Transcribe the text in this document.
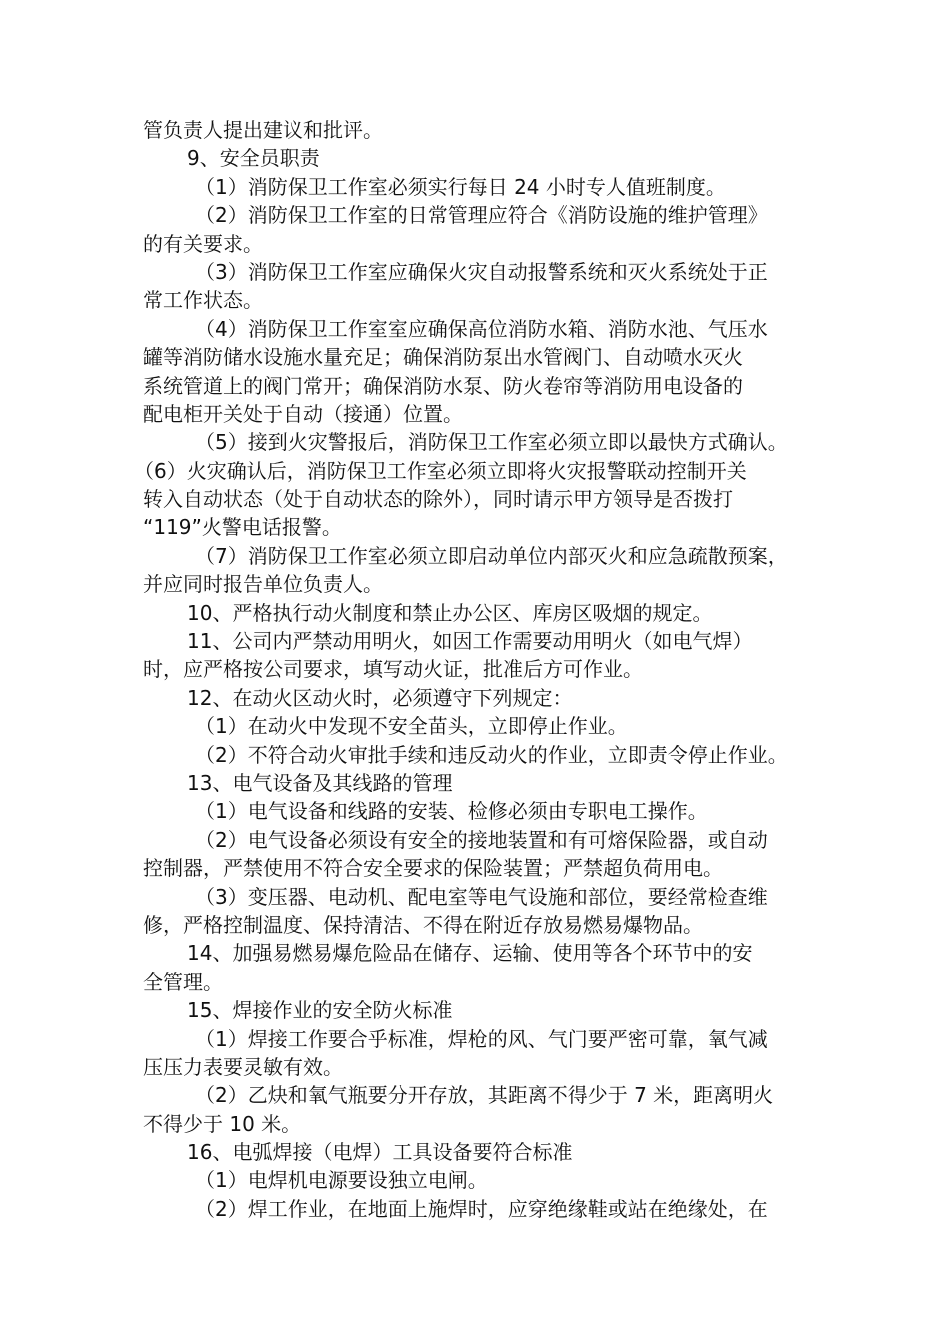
管负责人提出建议和批评。
9、安全员职责
（1）消防保卫工作室必须实行每日 24 小时专人值班制度。
（2）消防保卫工作室的日常管理应符合《消防设施的维护管理》
的有关要求。
（3）消防保卫工作室应确保火灾自动报警系统和灭火系统处于正
常工作状态。
（4）消防保卫工作室室应确保高位消防水箱、消防水池、气压水
罐等消防储水设施水量充足；确保消防泵出水管阀门、自动喷水灭火
系统管道上的阀门常开；确保消防水泵、防火卷帘等消防用电设备的
配电柜开关处于自动（接通）位置。
（5）接到火灾警报后，消防保卫工作室必须立即以最快方式确认。
（6）火灾确认后，消防保卫工作室必须立即将火灾报警联动控制开关
转入自动状态（处于自动状态的除外），同时请示甲方领导是否拨打
“119”火警电话报警。
（7）消防保卫工作室必须立即启动单位内部灭火和应急疏散预案，
并应同时报告单位负责人。
10、严格执行动火制度和禁止办公区、库房区吸烟的规定。
11、公司内严禁动用明火，如因工作需要动用明火（如电气焊）
时，应严格按公司要求，填写动火证，批准后方可作业。
12、在动火区动火时，必须遵守下列规定：
（1）在动火中发现不安全苗头，立即停止作业。
（2）不符合动火审批手续和违反动火的作业，立即责令停止作业。
13、电气设备及其线路的管理
（1）电气设备和线路的安装、检修必须由专职电工操作。
（2）电气设备必须设有安全的接地装置和有可熔保险器，或自动
控制器，严禁使用不符合安全要求的保险装置；严禁超负荷用电。
（3）变压器、电动机、配电室等电气设施和部位，要经常检查维
修，严格控制温度、保持清洁、不得在附近存放易燃易爆物品。
14、加强易燃易爆危险品在储存、运输、使用等各个环节中的安
全管理。
15、焊接作业的安全防火标准
（1）焊接工作要合乎标准，焊枪的风、气门要严密可靠，氧气减
压压力表要灵敏有效。
（2）乙炔和氧气瓶要分开存放，其距离不得少于 7 米，距离明火
不得少于 10 米。
16、电弧焊接（电焊）工具设备要符合标准
（1）电焊机电源要设独立电闸。
（2）焊工作业，在地面上施焊时，应穿绝缘鞋或站在绝缘处，在
